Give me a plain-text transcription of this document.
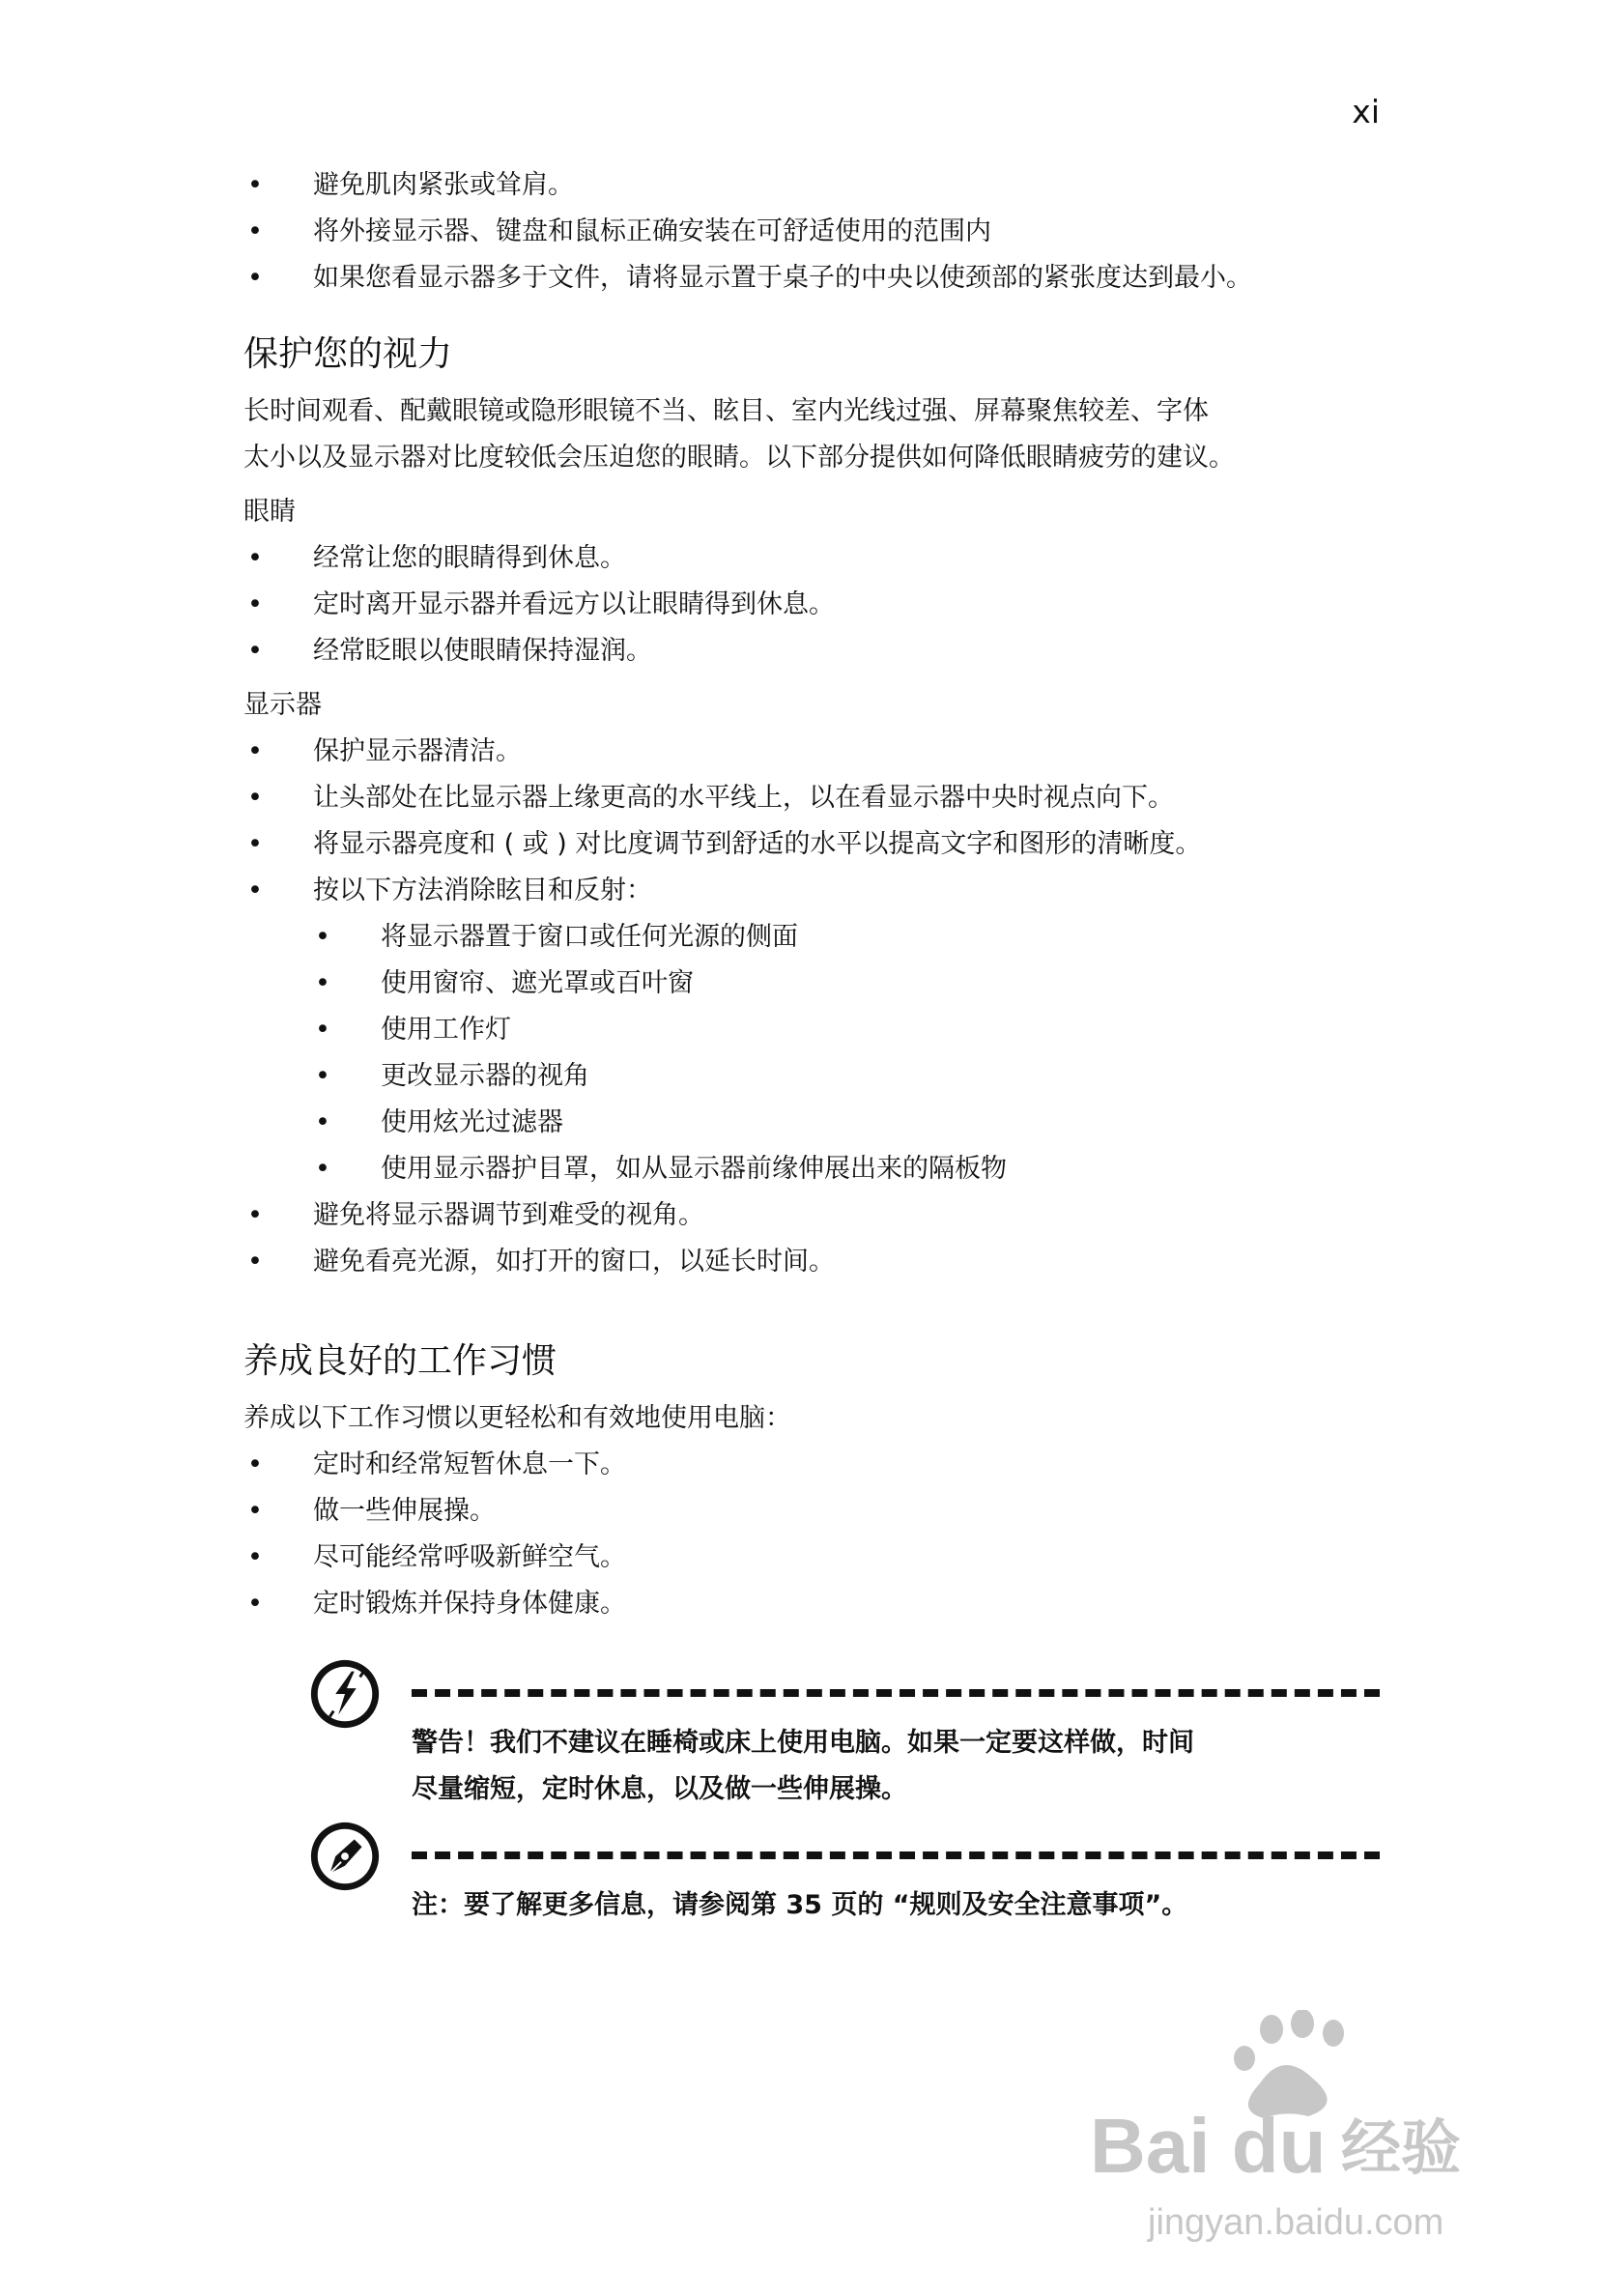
xi
• 避免肌肉紧张或耸肩。
• 将外接显示器、键盘和鼠标正确安装在可舒适使用的范围内
• 如果您看显示器多于文件，请将显示置于桌子的中央以使颈部的紧张度达到最小。
保护您的视力
长时间观看、配戴眼镜或隐形眼镜不当、眩目、室内光线过强、屏幕聚焦较差、字体
太小以及显示器对比度较低会压迫您的眼睛。以下部分提供如何降低眼睛疲劳的建议。
眼睛
• 经常让您的眼睛得到休息。
• 定时离开显示器并看远方以让眼睛得到休息。
• 经常眨眼以使眼睛保持湿润。
显示器
• 保护显示器清洁。
• 让头部处在比显示器上缘更高的水平线上，以在看显示器中央时视点向下。
• 将显示器亮度和 ( 或 ) 对比度调节到舒适的水平以提高文字和图形的清晰度。
• 按以下方法消除眩目和反射：
• 将显示器置于窗口或任何光源的侧面
• 使用窗帘、遮光罩或百叶窗
• 使用工作灯
• 更改显示器的视角
• 使用炫光过滤器
• 使用显示器护目罩，如从显示器前缘伸展出来的隔板物
• 避免将显示器调节到难受的视角。
• 避免看亮光源，如打开的窗口，以延长时间。
养成良好的工作习惯
养成以下工作习惯以更轻松和有效地使用电脑：
• 定时和经常短暂休息一下。
• 做一些伸展操。
• 尽可能经常呼吸新鲜空气。
• 定时锻炼并保持身体健康。
警告！我们不建议在睡椅或床上使用电脑。如果一定要这样做，时间
尽量缩短，定时休息，以及做一些伸展操。
注：要了解更多信息，请参阅第 35 页的 “规则及安全注意事项”。
Bai du 经验
jingyan.baidu.com
